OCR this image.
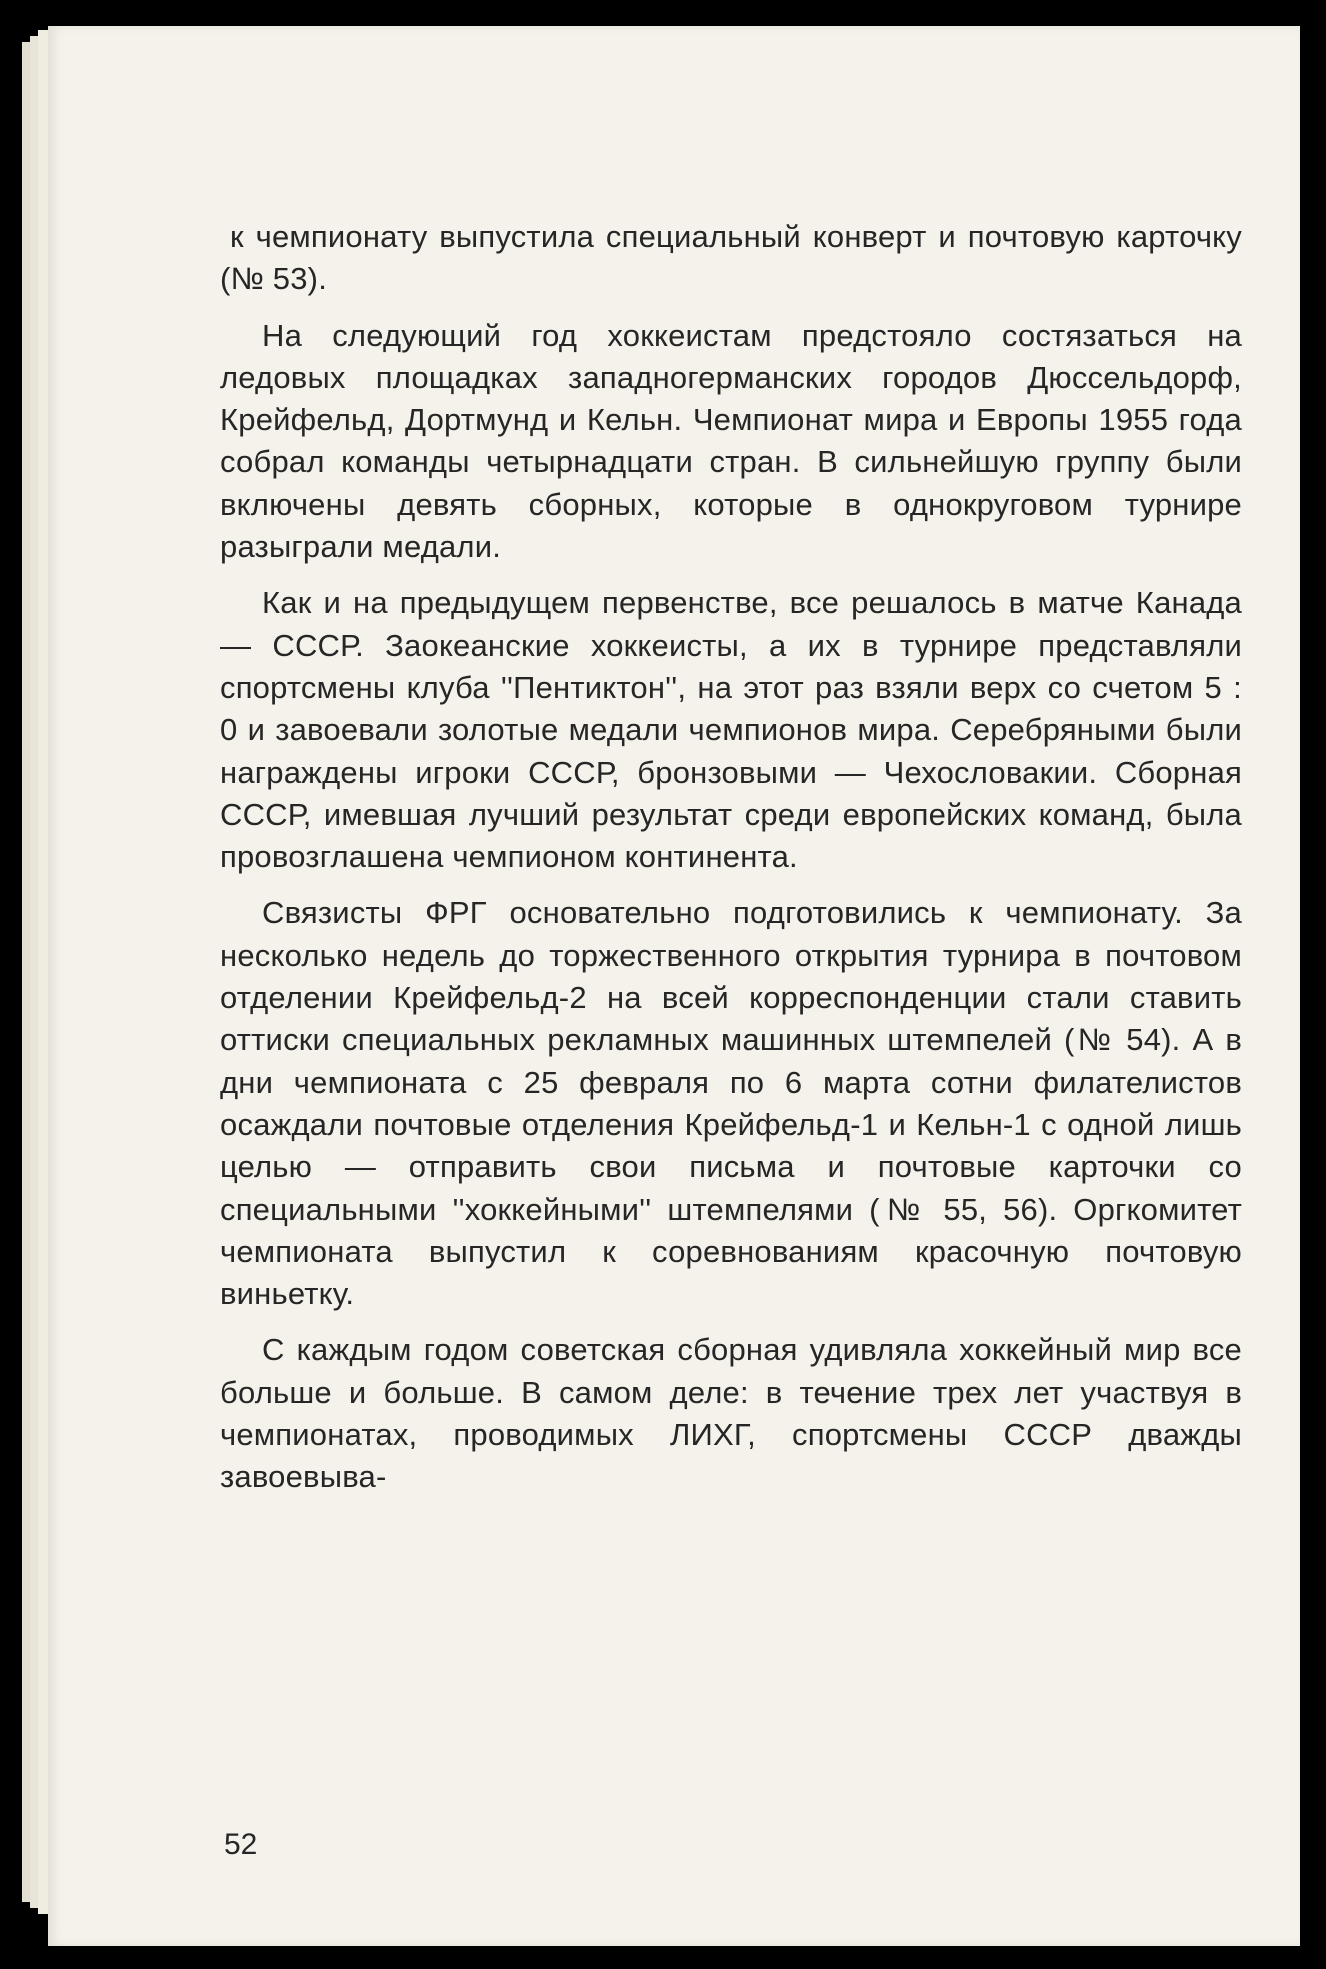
к чемпионату выпустила специальный конверт и почтовую карточку (№ 53).

На следующий год хоккеистам предстояло состязаться на ледовых площадках западногерманских городов Дюссельдорф, Крейфельд, Дортмунд и Кельн. Чемпионат мира и Европы 1955 года собрал команды четырнадцати стран. В сильнейшую группу были включены девять сборных, которые в однокруговом турнире разыграли медали.

Как и на предыдущем первенстве, все решалось в матче Канада — СССР. Заокеанские хоккеисты, а их в турнире представляли спортсмены клуба ''Пентиктон'', на этот раз взяли верх со счетом 5 : 0 и завоевали золотые медали чемпионов мира. Серебряными были награждены игроки СССР, бронзовыми — Чехословакии. Сборная СССР, имевшая лучший результат среди европейских команд, была провозглашена чемпионом континента.

Связисты ФРГ основательно подготовились к чемпионату. За несколько недель до торжественного открытия турнира в почтовом отделении Крейфельд-2 на всей корреспонденции стали ставить оттиски специальных рекламных машинных штемпелей (№ 54). А в дни чемпионата с 25 февраля по 6 марта сотни филателистов осаждали почтовые отделения Крейфельд-1 и Кельн-1 с одной лишь целью — отправить свои письма и почтовые карточки со специальными ''хоккейными'' штемпелями (№ 55, 56). Оргкомитет чемпионата выпустил к соревнованиям красочную почтовую виньетку.

С каждым годом советская сборная удивляла хоккейный мир все больше и больше. В самом деле: в течение трех лет участвуя в чемпионатах, проводимых ЛИХГ, спортсмены СССР дважды завоевыва-

52
